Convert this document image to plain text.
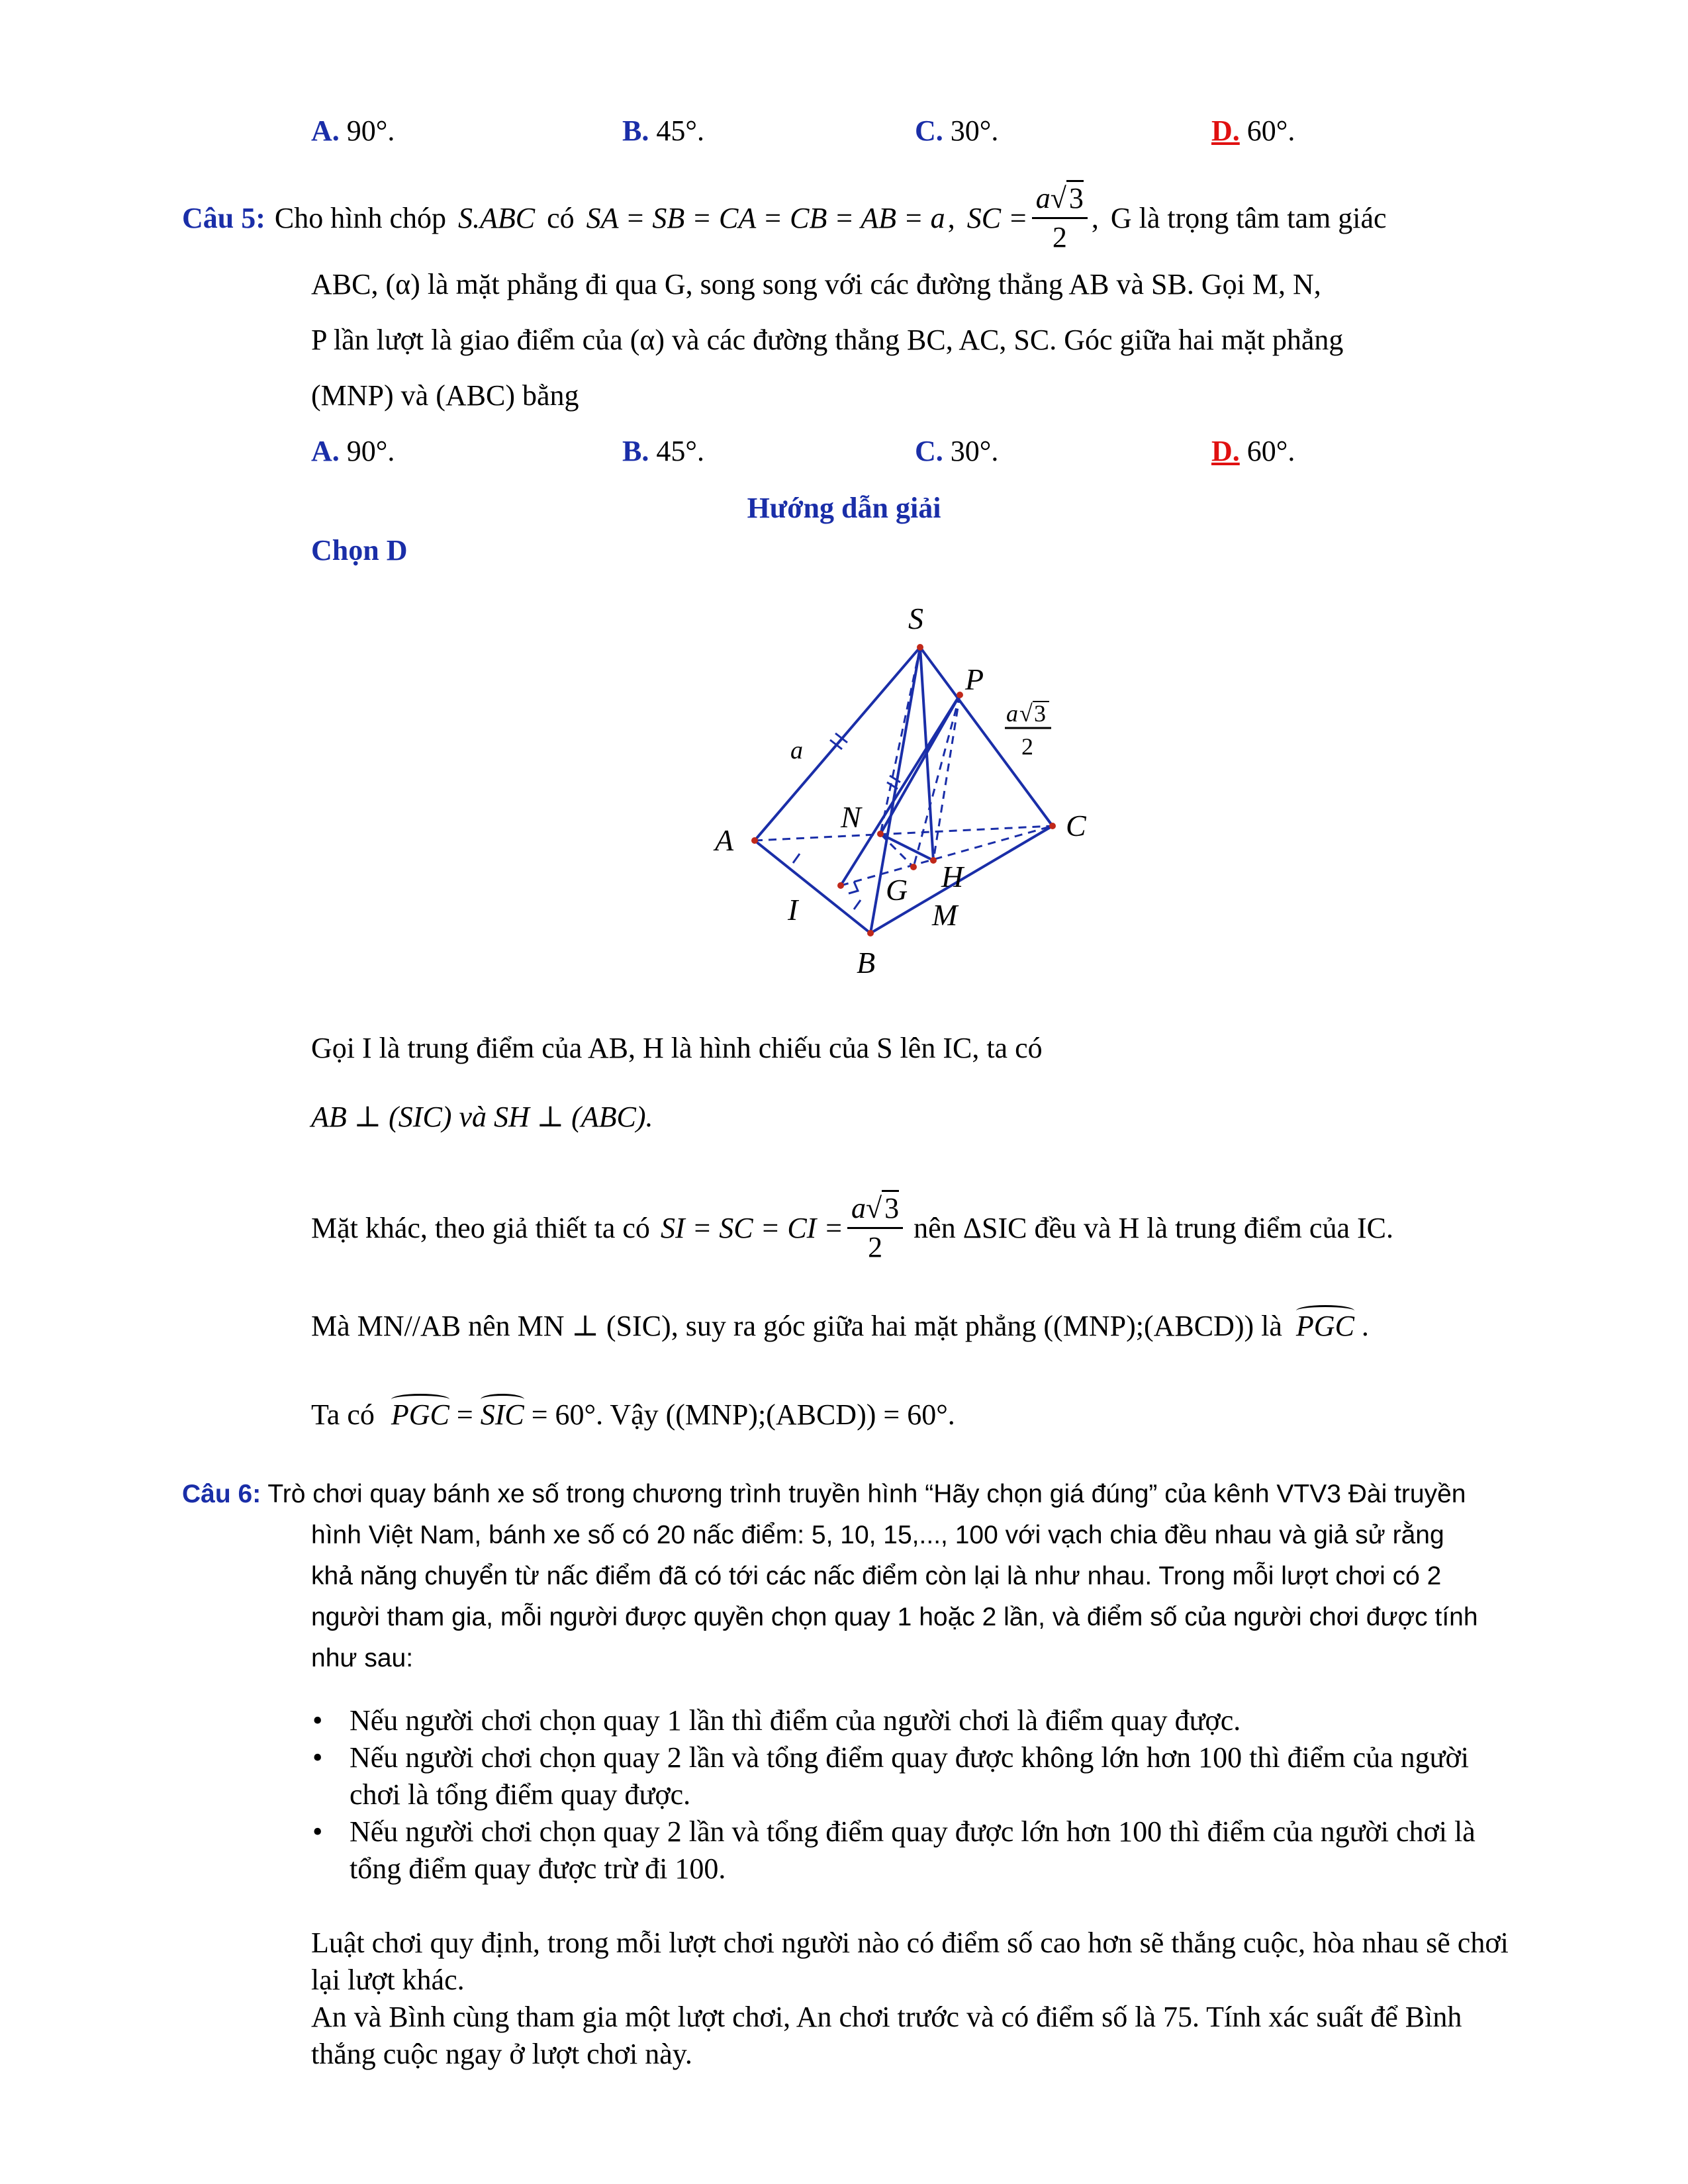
A. 90°.	B. 45°.	C. 30°.	D. 60°.
Câu 5: Cho hình chóp S.ABC có SA = SB = CA = CB = AB = a , SC = $\frac{a√3}{2}$ , G là trọng tâm tam giác
ABC, (α) là mặt phẳng đi qua G, song song với các đường thẳng AB và SB. Gọi M, N,
P lần lượt là giao điểm của (α) và các đường thẳng BC, AC, SC. Góc giữa hai mặt phẳng
(MNP) và (ABC) bằng
A. 90°.	B. 45°.	C. 30°.	D. 60°.
Hướng dẫn giải
Chọn D
S
P
A	C
N
H
G
I	M
B
a
a √ 3
2
Gọi I là trung điểm của AB, H là hình chiếu của S lên IC, ta có
AB ⊥ (SIC) và SH ⊥ (ABC).
Mặt khác, theo giả thiết ta có SI = SC = CI = $\frac{a√3}{2}$ nên ΔSIC đều và H là trung điểm của IC.
Mà MN//AB nên MN ⊥ (SIC), suy ra góc giữa hai mặt phẳng ((MNP);(ABCD)) là PGC .
Ta có PGC = SIC = 60°. Vậy ((MNP);(ABCD)) = 60°.
Câu 6: Trò chơi quay bánh xe số trong chương trình truyền hình “Hãy chọn giá đúng” của kênh VTV3 Đài truyền
hình Việt Nam, bánh xe số có 20 nấc điểm: 5, 10, 15,..., 100 với vạch chia đều nhau và giả sử rằng
khả năng chuyển từ nấc điểm đã có tới các nấc điểm còn lại là như nhau. Trong mỗi lượt chơi có 2
người tham gia, mỗi người được quyền chọn quay 1 hoặc 2 lần, và điểm số của người chơi được tính
như sau:
• Nếu người chơi chọn quay 1 lần thì điểm của người chơi là điểm quay được.
• Nếu người chơi chọn quay 2 lần và tổng điểm quay được không lớn hơn 100 thì điểm của người chơi là tổng điểm quay được.
• Nếu người chơi chọn quay 2 lần và tổng điểm quay được lớn hơn 100 thì điểm của người chơi là tổng điểm quay được trừ đi 100.
Luật chơi quy định, trong mỗi lượt chơi người nào có điểm số cao hơn sẽ thắng cuộc, hòa nhau sẽ chơi lại lượt khác.
An và Bình cùng tham gia một lượt chơi, An chơi trước và có điểm số là 75. Tính xác suất để Bình thắng cuộc ngay ở lượt chơi này.
